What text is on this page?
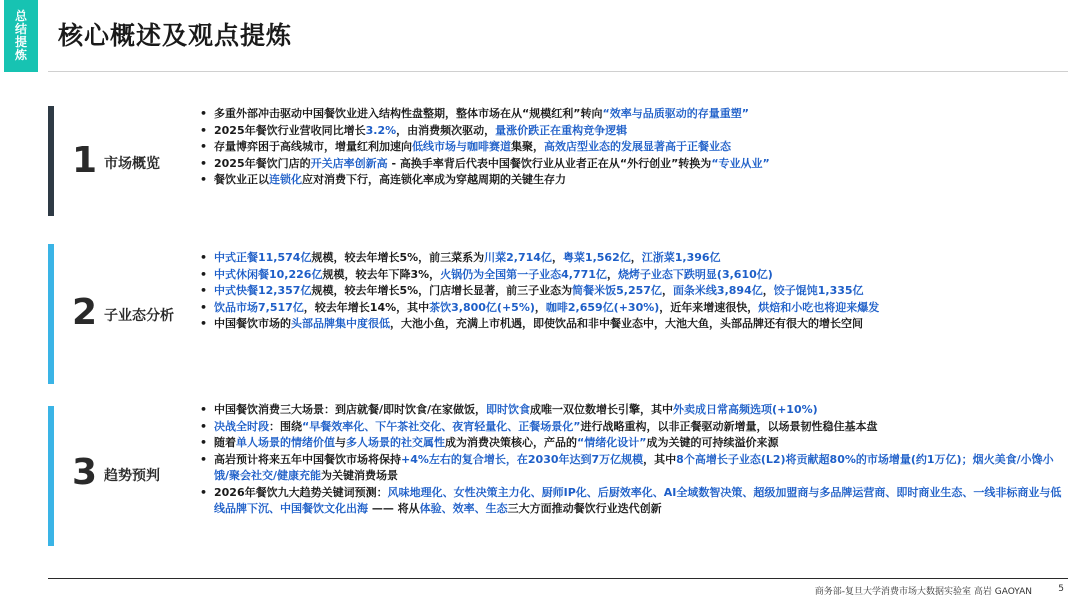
总结提炼
核心概述及观点提炼
1 市场概览
• 多重外部冲击驱动中国餐饮业进入结构性盘整期，整体市场在从“规模红利”转向“效率与品质驱动的存量重塑”
• 2025年餐饮行业营收同比增长3.2%，由消费频次驱动，量涨价跌正在重构竞争逻辑
• 存量博弈困于高线城市，增量红利加速向低线市场与咖啡赛道集聚，高效店型业态的发展显著高于正餐业态
• 2025年餐饮门店的开关店率创新高 - 高换手率背后代表中国餐饮行业从业者正在从“外行创业”转换为“专业从业”
• 餐饮业正以连锁化应对消费下行，高连锁化率成为穿越周期的关键生存力
2 子业态分析
• 中式正餐11,574亿规模，较去年增长5%，前三菜系为川菜2,714亿，粤菜1,562亿，江浙菜1,396亿
• 中式休闲餐10,226亿规模，较去年下降3%，火锅仍为全国第一子业态4,771亿，烧烤子业态下跌明显(3,610亿)
• 中式快餐12,357亿规模，较去年增长5%，门店增长显著，前三子业态为简餐米饭5,257亿，面条米线3,894亿，饺子馄饨1,335亿
• 饮品市场7,517亿，较去年增长14%，其中茶饮3,800亿(+5%)，咖啡2,659亿(+30%)，近年来增速很快，烘焙和小吃也将迎来爆发
• 中国餐饮市场的头部品牌集中度很低，大池小鱼，充满上市机遇，即使饮品和非中餐业态中，大池大鱼，头部品牌还有很大的增长空间
3 趋势预判
• 中国餐饮消费三大场景：到店就餐/即时饮食/在家做饭，即时饮食成唯一双位数增长引擎，其中外卖成日常高频选项(+10%)
• 决战全时段：围绕“早餐效率化、下午茶社交化、夜宵轻量化、正餐场景化”进行战略重构，以非正餐驱动新增量，以场景韧性稳住基本盘
• 随着单人场景的情绪价值与多人场景的社交属性成为消费决策核心，产品的“情绪化设计”成为关键的可持续溢价来源
• 高岩预计将来五年中国餐饮市场将保持+4%左右的复合增长，在2030年达到7万亿规模，其中8个高增长子业态(L2)将贡献超80%的市场增量(约1万亿)；烟火美食/小馋小饿/聚会社交/健康充能为关键消费场景
• 2026年餐饮九大趋势关键词预测：风味地理化、女性决策主力化、厨师IP化、后厨效率化、AI全域数智决策、超级加盟商与多品牌运营商、即时商业生态、一线非标商业与低线品牌下沉、中国餐饮文化出海 —— 将从体验、效率、生态三大方面推动餐饮行业迭代创新
商务部-复旦大学消费市场大数据实验室 高岩 GAOYAN	5
